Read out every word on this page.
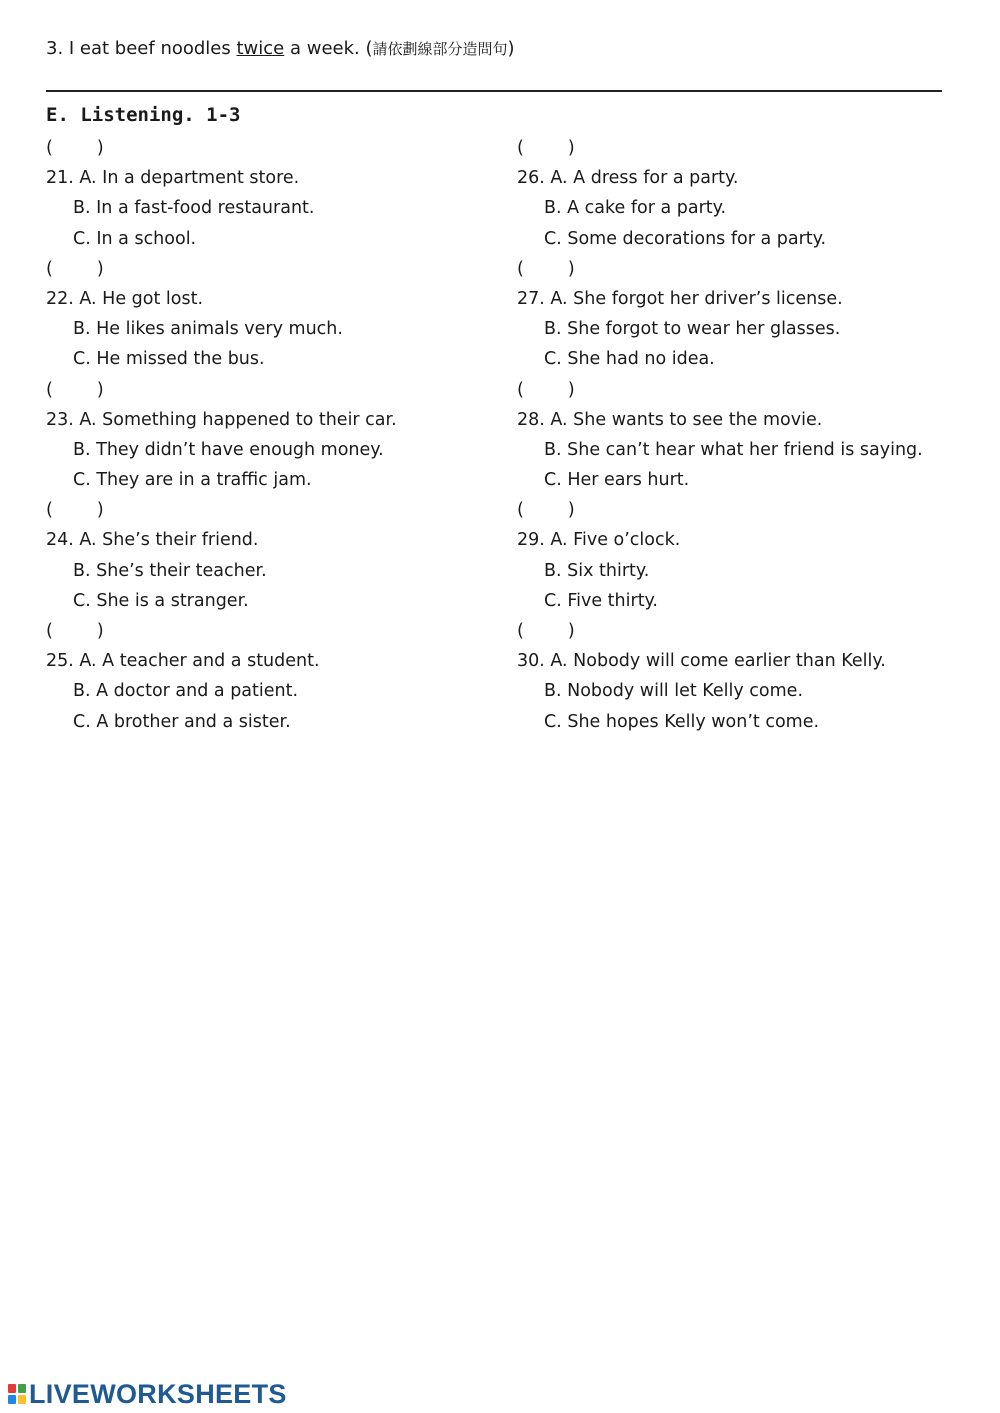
3. I eat beef noodles twice a week. (請依劃線部分造問句)
E. Listening. 1-3
(	)
21. A. In a department store.
B. In a fast-food restaurant.
C. In a school.
(	)
22. A. He got lost.
B. He likes animals very much.
C. He missed the bus.
(	)
23. A. Something happened to their car.
B. They didn’t have enough money.
C. They are in a traffic jam.
(	)
24. A. She’s their friend.
B. She’s their teacher.
C. She is a stranger.
(	)
25. A. A teacher and a student.
B. A doctor and a patient.
C. A brother and a sister.
(	)
26. A. A dress for a party.
B. A cake for a party.
C. Some decorations for a party.
(	)
27. A. She forgot her driver’s license.
B. She forgot to wear her glasses.
C. She had no idea.
(	)
28. A. She wants to see the movie.
B. She can’t hear what her friend is saying.
C. Her ears hurt.
(	)
29. A. Five o’clock.
B. Six thirty.
C. Five thirty.
(	)
30. A. Nobody will come earlier than Kelly.
B. Nobody will let Kelly come.
C. She hopes Kelly won’t come.
LIVEWORKSHEETS
